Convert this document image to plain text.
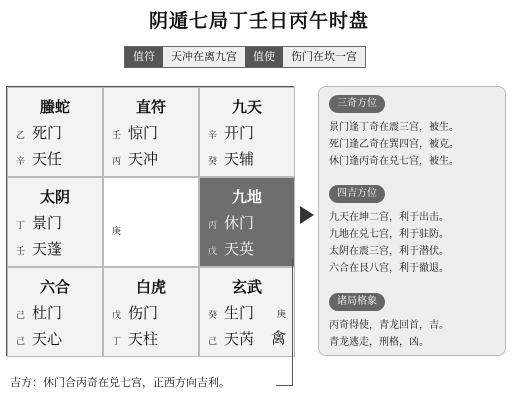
阴遁七局丁壬日丙午时盘
值符	天冲在离九宫	值使	伤门在坎一宫
螣蛇
乙 死门
辛 天任
直符
壬 惊门
丙 天冲
九天
辛 开门
癸 天辅
太阴
丁 景门
壬 天蓬
庚
九地
丙 休门
戊 天英
六合
己 杜门
己 天心
白虎
戊 伤门
丁 天柱
玄武
癸 生门
己 天芮
庚
禽
三奇方位
景门逢丁奇在震三宫，被生。
死门逢乙奇在巽四宫，被克。
休门逢丙奇在兑七宫，被生。
四吉方位
九天在坤二宫，利于出击。
九地在兑七宫，利于驻防。
太阴在震三宫，利于潜伏。
六合在艮八宫，利于撤退。
诸局格象
丙奇得使，青龙回首，吉。
青龙逃走，刑格，凶。
吉方：休门合丙奇在兑七宫，正西方向吉利。
